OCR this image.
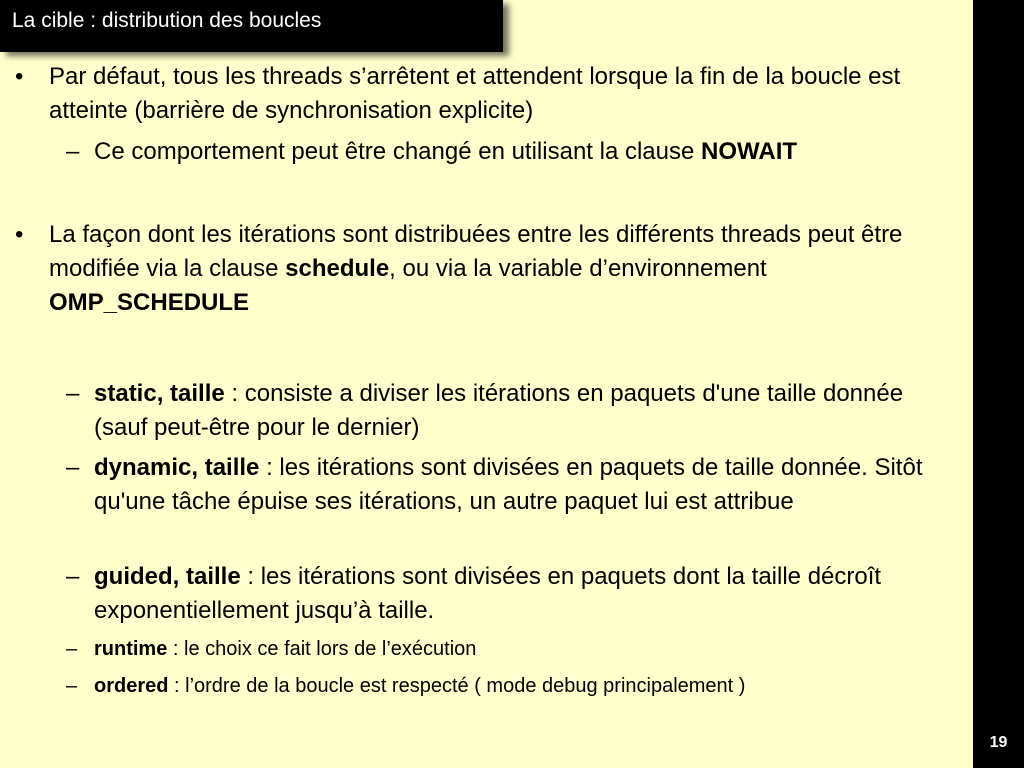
• Par défaut, tous les threads s’arrêtent et attendent lorsque la fin de la boucle est atteinte (barrière de synchronisation explicite)
– Ce comportement peut être changé en utilisant la clause NOWAIT
• La façon dont les itérations sont distribuées entre les différents threads peut être modifiée via la clause schedule, ou via la variable d’environnement OMP_SCHEDULE
– static, taille : consiste a diviser les itérations en paquets d'une taille donnée (sauf peut-être pour le dernier)
– dynamic, taille : les itérations sont divisées en paquets de taille donnée. Sitôt qu'une tâche épuise ses itérations, un autre paquet lui est attribue
– guided, taille : les itérations sont divisées en paquets dont la taille décroît exponentiellement jusqu’à taille.
– runtime : le choix ce fait lors de l’exécution
– ordered : l’ordre de la boucle est respecté ( mode debug principalement )
La cible : distribution des boucles
19
